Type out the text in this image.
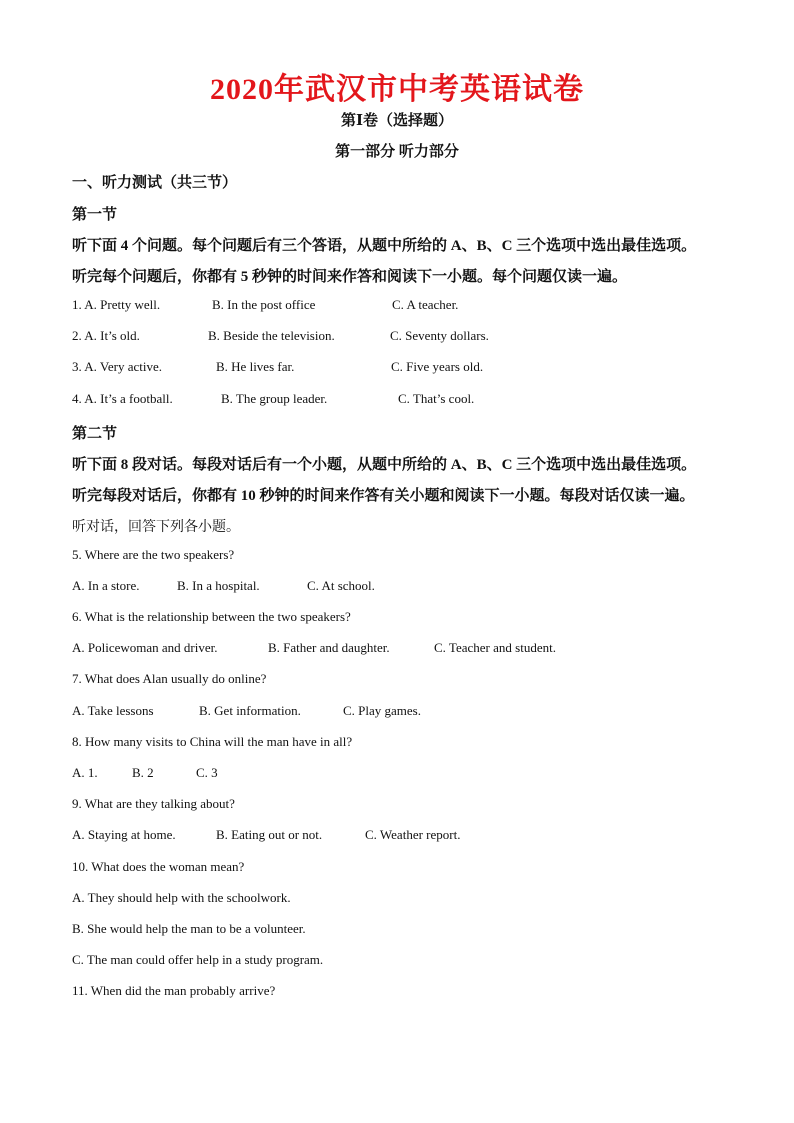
2020年武汉市中考英语试卷
第Ⅰ卷（选择题）
第一部分 听力部分
一、听力测试（共三节）
第一节
听下面 4 个问题。每个问题后有三个答语，从题中所给的 A、B、C 三个选项中选出最佳选项。
听完每个问题后，你都有 5 秒钟的时间来作答和阅读下一小题。每个问题仅读一遍。
1. A. Pretty well.	B. In the post office	C. A teacher.
2. A. It’s old.	B. Beside the television.	C. Seventy dollars.
3. A. Very active.	B. He lives far.	C. Five years old.
4. A. It’s a football.	B. The group leader.	C. That’s cool.
第二节
听下面 8 段对话。每段对话后有一个小题，从题中所给的 A、B、C 三个选项中选出最佳选项。
听完每段对话后，你都有 10 秒钟的时间来作答有关小题和阅读下一小题。每段对话仅读一遍。
听对话，回答下列各小题。
5. Where are the two speakers?
A. In a store.	B. In a hospital.	C. At school.
6. What is the relationship between the two speakers?
A. Policewoman and driver.	B. Father and daughter.	C. Teacher and student.
7. What does Alan usually do online?
A. Take lessons	B. Get information.	C. Play games.
8. How many visits to China will the man have in all?
A. 1.	B. 2	C. 3
9. What are they talking about?
A. Staying at home.	B. Eating out or not.	C. Weather report.
10. What does the woman mean?
A. They should help with the schoolwork.
B. She would help the man to be a volunteer.
C. The man could offer help in a study program.
11. When did the man probably arrive?
